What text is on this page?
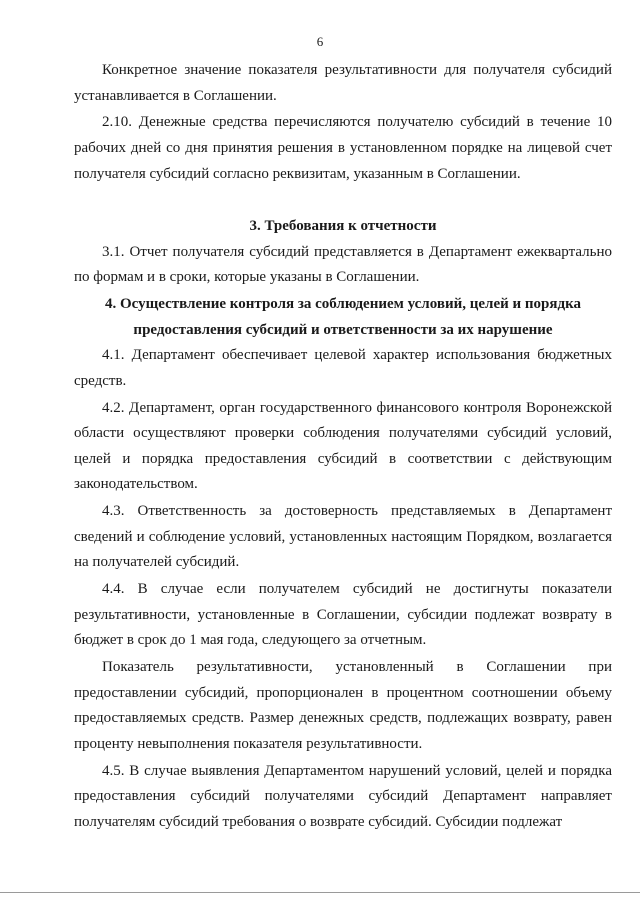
6

Конкретное значение показателя результативности для получателя субсидий устанавливается в Соглашении.

2.10. Денежные средства перечисляются получателю субсидий в течение 10 рабочих дней со дня принятия решения в установленном порядке на лицевой счет получателя субсидий согласно реквизитам, указанным в Соглашении.

3. Требования к отчетности

3.1. Отчет получателя субсидий представляется в Департамент ежеквартально по формам и в сроки, которые указаны в Соглашении.

4. Осуществление контроля за соблюдением условий, целей и порядка

предоставления субсидий и ответственности за их нарушение

4.1. Департамент обеспечивает целевой характер использования бюджетных средств.

4.2. Департамент, орган государственного финансового контроля Воронежской области осуществляют проверки соблюдения получателями субсидий условий, целей и порядка предоставления субсидий в соответствии с действующим законодательством.

4.3. Ответственность за достоверность представляемых в Департамент сведений и соблюдение условий, установленных настоящим Порядком, возлагается на получателей субсидий.

4.4. В случае если получателем субсидий не достигнуты показатели результативности, установленные в Соглашении, субсидии подлежат возврату в бюджет в срок до 1 мая года, следующего за отчетным.

Показатель результативности, установленный в Соглашении при предоставлении субсидий, пропорционален в процентном соотношении объему предоставляемых средств. Размер денежных средств, подлежащих возврату, равен проценту невыполнения показателя результативности.

4.5. В случае выявления Департаментом нарушений условий, целей и порядка предоставления субсидий получателями субсидий Департамент направляет получателям субсидий требования о возврате субсидий. Субсидии подлежат
